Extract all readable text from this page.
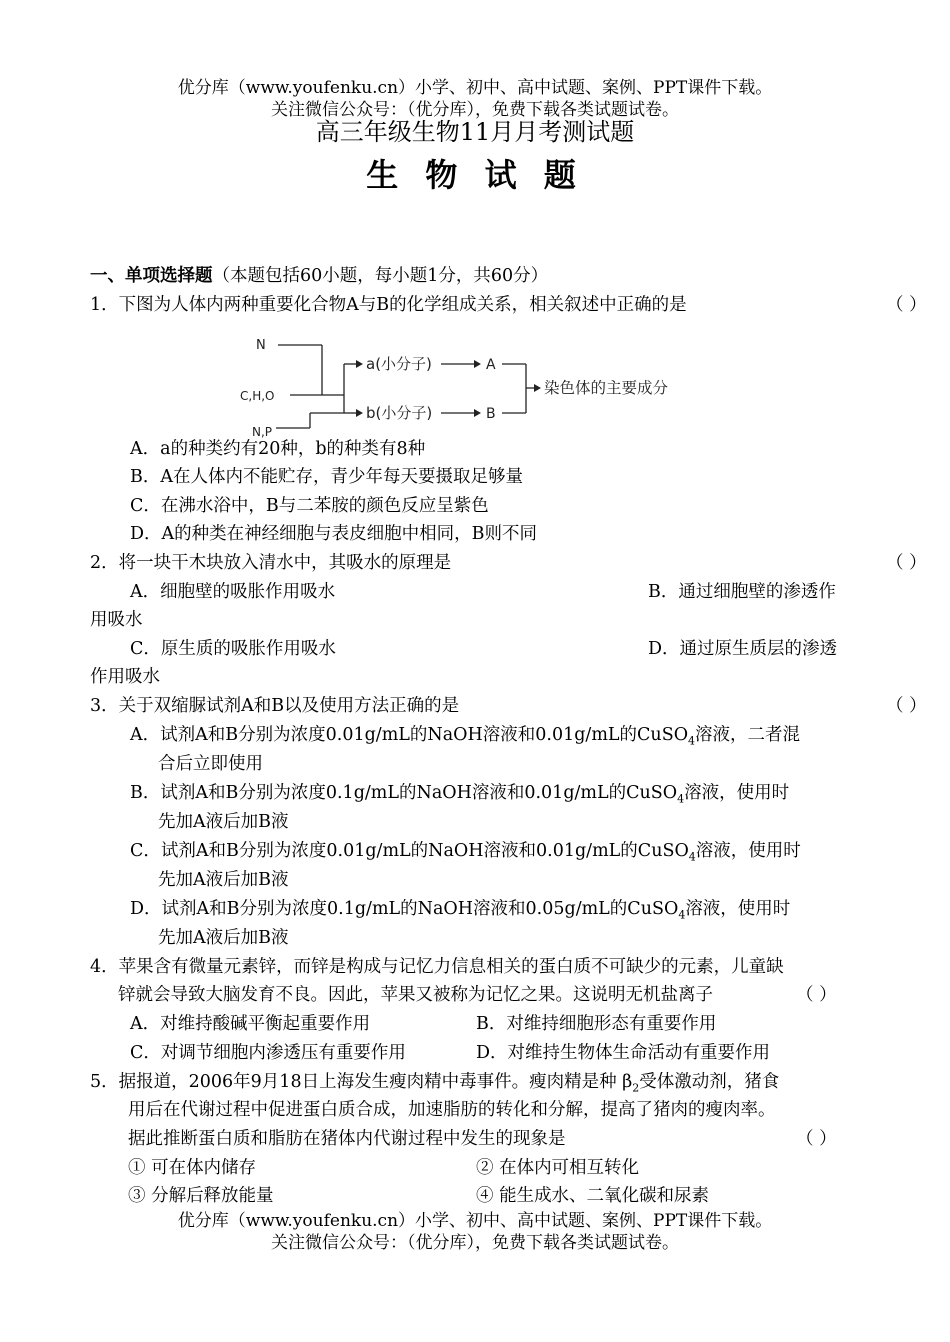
优分库（www.youfenku.cn）小学、初中、高中试题、案例、PPT课件下载。
关注微信公众号：（优分库），免费下载各类试题试卷。
高三年级生物11月月考测试题
生 物 试 题
一、单项选择题（本题包括60小题，每小题1分，共60分）
1．下图为人体内两种重要化合物A与B的化学组成关系，相关叙述中正确的是	（ ）
N
C,H,O
N,P
a(小分子)
b(小分子)
A
B
染色体的主要成分
A．a的种类约有20种，b的种类有8种
B．A在人体内不能贮存，青少年每天要摄取足够量
C．在沸水浴中，B与二苯胺的颜色反应呈紫色
D．A的种类在神经细胞与表皮细胞中相同，B则不同
2．将一块干木块放入清水中，其吸水的原理是	（ ）
A．细胞壁的吸胀作用吸水	B．通过细胞壁的渗透作
用吸水
C．原生质的吸胀作用吸水	D．通过原生质层的渗透
作用吸水
3．关于双缩脲试剂A和B以及使用方法正确的是	（ ）
A．试剂A和B分别为浓度0.01g/mL的NaOH溶液和0.01g/mL的CuSO$_4$溶液，二者混
合后立即使用
B．试剂A和B分别为浓度0.1g/mL的NaOH溶液和0.01g/mL的CuSO$_4$溶液，使用时
先加A液后加B液
C．试剂A和B分别为浓度0.01g/mL的NaOH溶液和0.01g/mL的CuSO$_4$溶液，使用时
先加A液后加B液
D．试剂A和B分别为浓度0.1g/mL的NaOH溶液和0.05g/mL的CuSO$_4$溶液，使用时
先加A液后加B液
4．苹果含有微量元素锌，而锌是构成与记忆力信息相关的蛋白质不可缺少的元素，儿童缺
锌就会导致大脑发育不良。因此，苹果又被称为记忆之果。这说明无机盐离子	（ ）
A．对维持酸碱平衡起重要作用	B．对维持细胞形态有重要作用
C．对调节细胞内渗透压有重要作用	D．对维持生物体生命活动有重要作用
5．据报道，2006年9月18日上海发生瘦肉精中毒事件。瘦肉精是种 $\beta_2$受体激动剂，猪食
用后在代谢过程中促进蛋白质合成，加速脂肪的转化和分解，提高了猪肉的瘦肉率。
据此推断蛋白质和脂肪在猪体内代谢过程中发生的现象是	（ ）
① 可在体内储存	② 在体内可相互转化
③ 分解后释放能量	④ 能生成水、二氧化碳和尿素
优分库（www.youfenku.cn）小学、初中、高中试题、案例、PPT课件下载。
关注微信公众号：（优分库），免费下载各类试题试卷。
